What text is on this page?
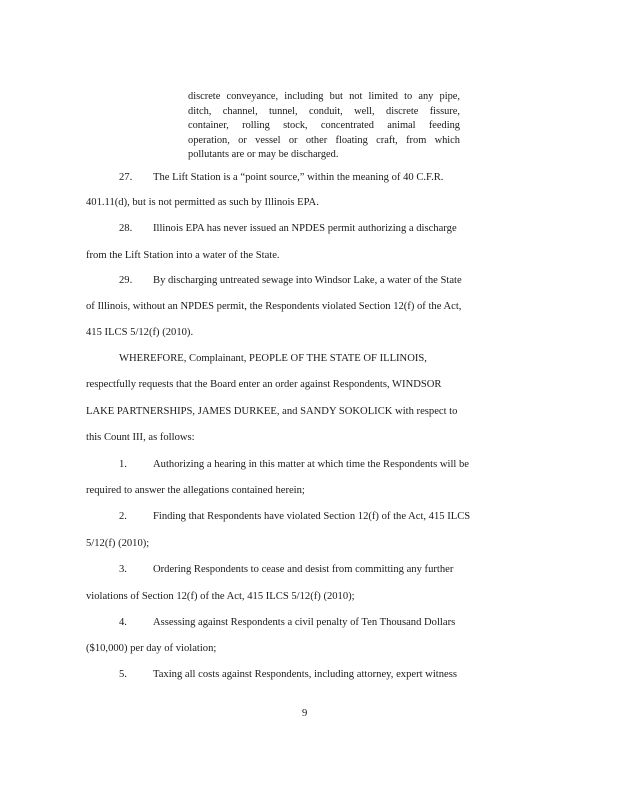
discrete conveyance, including but not limited to any pipe,
ditch, channel, tunnel, conduit, well, discrete fissure,
container, rolling stock, concentrated animal feeding
operation, or vessel or other floating craft, from which
pollutants are or may be discharged.
27. The Lift Station is a “point source,” within the meaning of 40 C.F.R.
401.11(d), but is not permitted as such by Illinois EPA.
28. Illinois EPA has never issued an NPDES permit authorizing a discharge
from the Lift Station into a water of the State.
29. By discharging untreated sewage into Windsor Lake, a water of the State
of Illinois, without an NPDES permit, the Respondents violated Section 12(f) of the Act,
415 ILCS 5/12(f) (2010).
WHEREFORE, Complainant, PEOPLE OF THE STATE OF ILLINOIS,
respectfully requests that the Board enter an order against Respondents, WINDSOR
LAKE PARTNERSHIPS, JAMES DURKEE, and SANDY SOKOLICK with respect to
this Count III, as follows:
1. Authorizing a hearing in this matter at which time the Respondents will be
required to answer the allegations contained herein;
2. Finding that Respondents have violated Section 12(f) of the Act, 415 ILCS
5/12(f) (2010);
3. Ordering Respondents to cease and desist from committing any further
violations of Section 12(f) of the Act, 415 ILCS 5/12(f) (2010);
4. Assessing against Respondents a civil penalty of Ten Thousand Dollars
($10,000) per day of violation;
5. Taxing all costs against Respondents, including attorney, expert witness
9
